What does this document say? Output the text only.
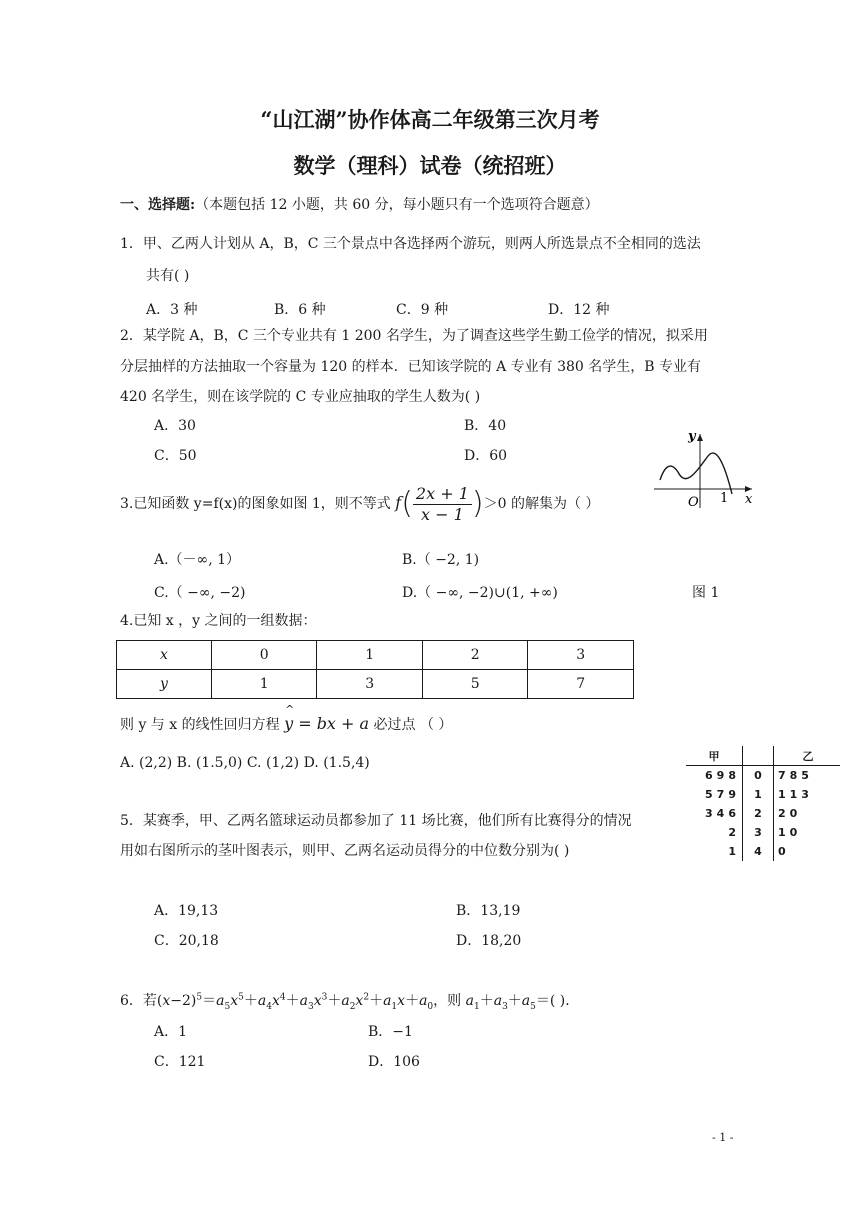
“山江湖”协作体高二年级第三次月考
数学（理科）试卷（统招班）
一、选择题:（本题包括 12 小题，共 60 分，每小题只有一个选项符合题意）
1．甲、乙两人计划从 A，B，C 三个景点中各选择两个游玩，则两人所选景点不全相同的选法
共有( )
A．3 种	B．6 种	C．9 种	D．12 种
2．某学院 A，B，C 三个专业共有 1 200 名学生，为了调查这些学生勤工俭学的情况，拟采用
分层抽样的方法抽取一个容量为 120 的样本．已知该学院的 A 专业有 380 名学生，B 专业有
420 名学生，则在该学院的 C 专业应抽取的学生人数为( )
A．30	B．40
C．50	D．60
y
x
O 1
3.已知函数 y=f(x)的图象如图 1，则不等式 $f( \frac{2x + 1}{x - 1} )>0$ 的解集为（ ）
A.（－∞, 1）	B.（ −2, 1)
C.（ −∞, −2)	D.（ −∞, −2)∪(1, +∞)	图 1
4.已知 x ，y 之间的一组数据：
x	0	1	2	3
y	1	3	5	7
则 y 与 x 的线性回归方程 ^ y = bx + a 必过点 （ ）
A. (2,2) B. (1.5,0) C. (1,2) D. (1.5,4)	甲		乙
698	0	785
579	1	113
346	2	20
2	3	10
1	4	0
5．某赛季，甲、乙两名篮球运动员都参加了 11 场比赛，他们所有比赛得分的情况
用如右图所示的茎叶图表示，则甲、乙两名运动员得分的中位数分别为( )
A．19,13	B．13,19
C．20,18	D．18,20
6．若$(x-2)^5=a_5x^5+a_4x^4+a_3x^3+a_2x^2+a_1x+a_0$，则 $a_1+a_3+a_5=$( )．
A．1	B．−1
C．121	D．106
- 1 -
